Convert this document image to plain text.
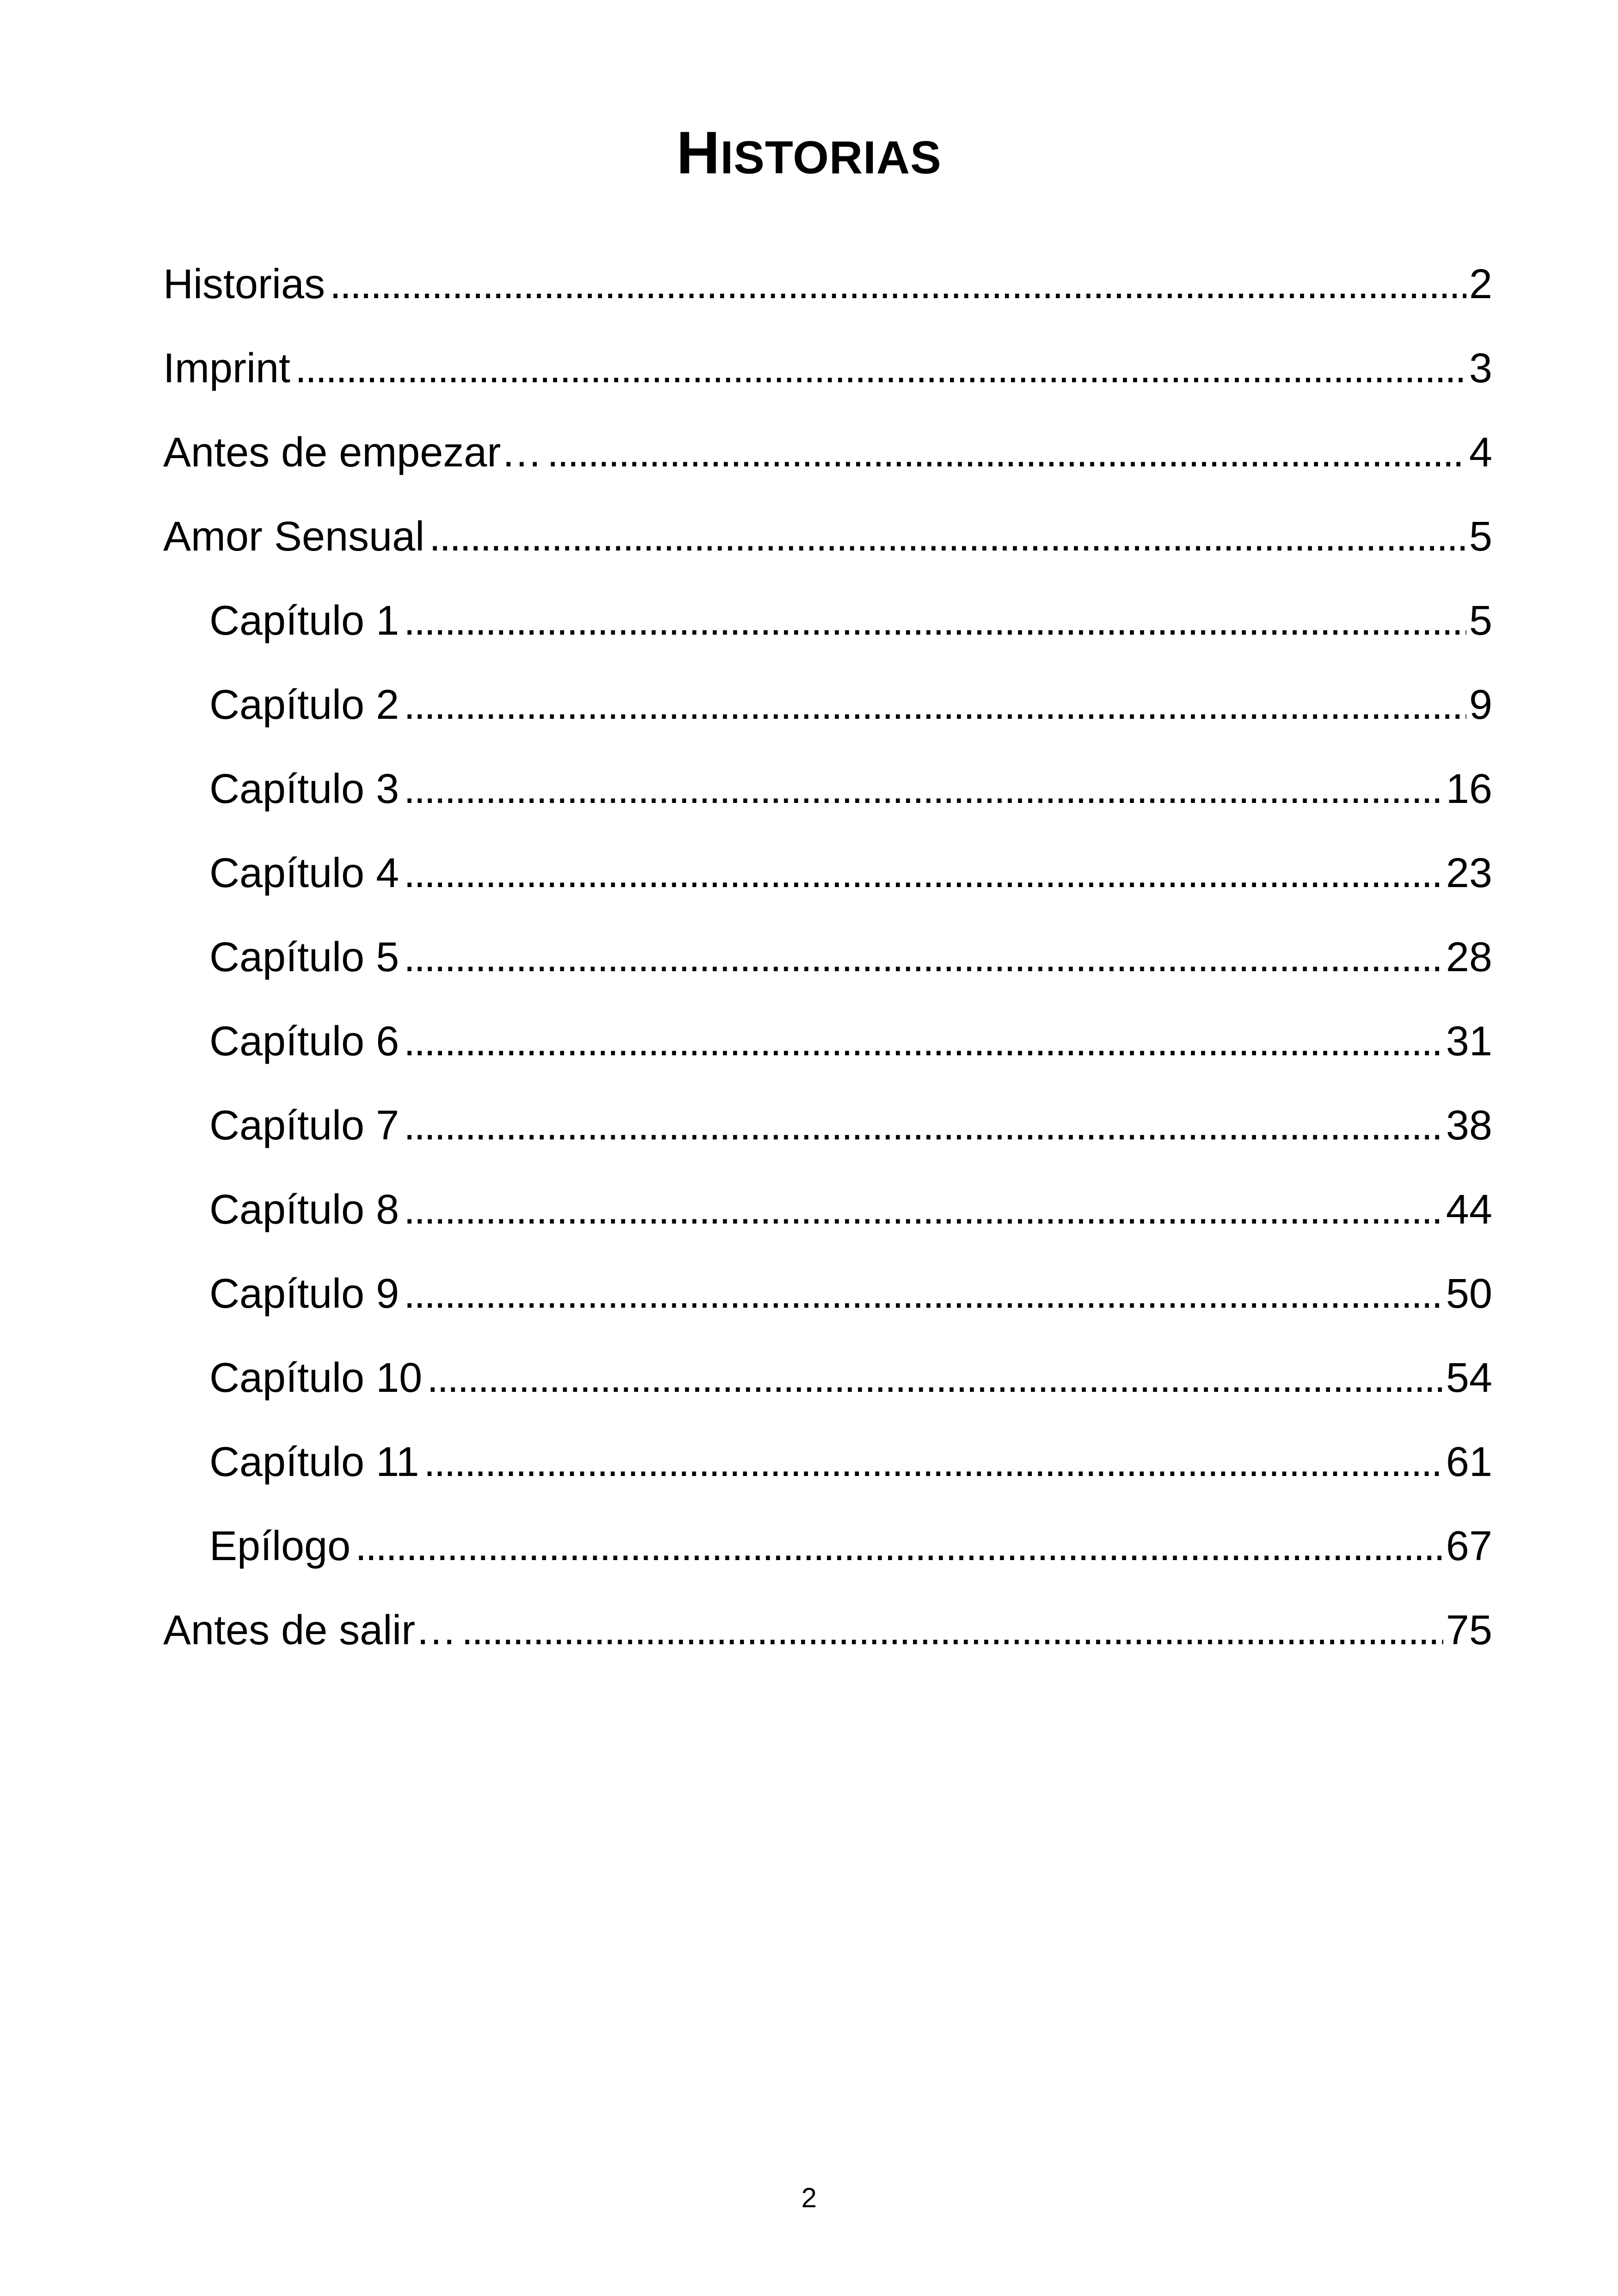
HISTORIAS
Historias . . .	2
Imprint . . .	3
Antes de empezar… . . .	4
Amor Sensual . . .	5
Capítulo 1 . . .	5
Capítulo 2 . . .	9
Capítulo 3 . . .	16
Capítulo 4 . . .	23
Capítulo 5 . . .	28
Capítulo 6 . . .	31
Capítulo 7 . . .	38
Capítulo 8 . . .	44
Capítulo 9 . . .	50
Capítulo 10 . . .	54
Capítulo 11 . . .	61
Epílogo . . .	67
Antes de salir… . . .	75
2
